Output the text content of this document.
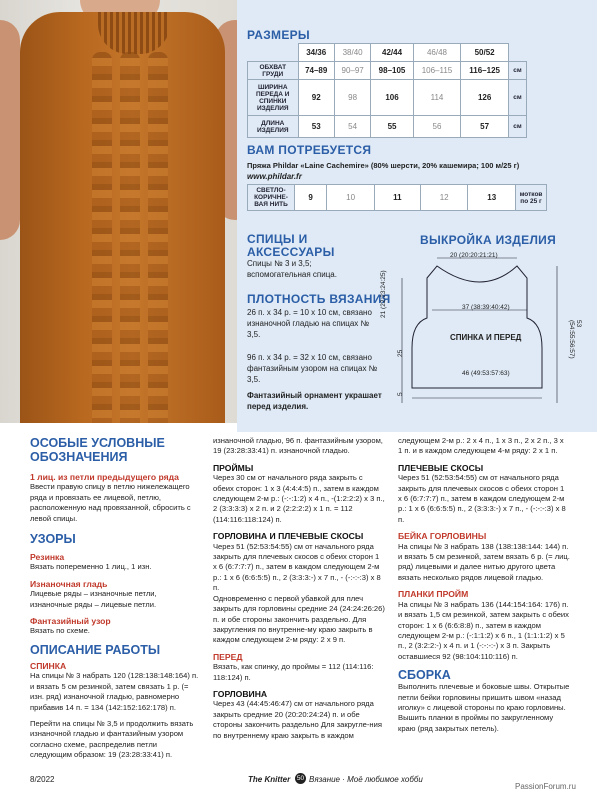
РАЗМЕРЫ
	34/36	38/40	42/44	46/48	50/52	
ОБХВАТ ГРУДИ	74–89	90–97	98–105	106–115	116–125	см
ШИРИНА ПЕРЕДА И СПИНКИ ИЗДЕЛИЯ	92	98	106	114	126	см
ДЛИНА ИЗДЕЛИЯ	53	54	55	56	57	см
ВАМ ПОТРЕБУЕТСЯ
Пряжа Phildar «Laine Cachemire» (80% шерсти, 20% кашемира; 100 м/25 г)
www.phildar.fr
СВЕТЛО-КОРИЧНЕ-ВАЯ НИТЬ	9	10	11	12	13	мотков по 25 г
СПИЦЫ И АКСЕССУАРЫ
Спицы № 3 и 3,5; вспомогательная спица.
ПЛОТНОСТЬ ВЯЗАНИЯ
26 п. х 34 р. = 10 х 10 см, связано изнаночной гладью на спицах № 3,5.
96 п. х 34 р. = 32 х 10 см, связано фантазийным узором на спицах № 3,5.
Фантазийный орнамент украшает перед изделия.
ВЫКРОЙКА ИЗДЕЛИЯ
20 (20:20:21:21)
37 (38:39:40:42)
СПИНКА И ПЕРЕД
46 (49:53:57:63)
21 (22:23:24:25)
25
5
53 (54:55:56:57)
ОСОБЫЕ УСЛОВНЫЕ ОБОЗНАЧЕНИЯ
1 лиц. из петли предыдущего ряда
Ввести правую спицу в петлю нижележащего ряда и провязать ее лицевой, петлю, расположенную над провязанной, сбросить с левой спицы.
УЗОРЫ
Резинка
Вязать попеременно 1 лиц., 1 изн.
Изнаночная гладь
Лицевые ряды – изнаночные петли, изнаночные ряды – лицевые петли.
Фантазийный узор
Вязать по схеме.
ОПИСАНИЕ РАБОТЫ
СПИНКА
На спицы № 3 набрать 120 (128:138:148:164) п. и вязать 5 см резинкой, затем связать 1 р. (= изн. ряд) изнаночной гладью, равномерно прибавив 14 п. = 134 (142:152:162:178) п.
Перейти на спицы № 3,5 и продолжить вязать изнаночной гладью и фантазийным узором согласно схеме, распределив петли следующим образом: 19 (23:28:33:41) п.
изнаночной гладью, 96 п. фантазийным узором, 19 (23:28:33:41) п. изнаночной гладью.
ПРОЙМЫ
Через 30 см от начального ряда закрыть с обеих сторон: 1 х 3 (4:4:4:5) п., затем в каждом следующем 2-м р.: (-:-:1:2) х 4 п., -(1:2:2:2) х 3 п., 2 (3:3:3:3) х 2 п. и 2 (2:2:2:2) х 1 п. = 112 (114:116:118:124) п.
ГОРЛОВИНА И ПЛЕЧЕВЫЕ СКОСЫ
Через 51 (52:53:54:55) см от начального ряда закрыть для плечевых скосов с обеих сторон 1 х 6 (6:7:7:7) п., затем в каждом следующем 2-м р.: 1 х 6 (6:6:5:5) п., 2 (3:3:3:-) х 7 п., - (-:-:-:3) х 8 п.
Одновременно с первой убавкой для плеч закрыть для горловины средние 24 (24:24:26:26) п. и обе стороны закончить раздельно. Для закругления по внутренне-му краю закрыть в каждом следующем 2-м ряду: 2 х 9 п.
ПЕРЕД
Вязать, как спинку, до проймы = 112 (114:116: 118:124) п.
ГОРЛОВИНА
Через 43 (44:45:46:47) см от начального ряда закрыть средние 20 (20:20:24:24) п. и обе стороны закончить раздельно Для закругле-ния по внутреннему краю закрыть в каждом
следующем 2-м р.: 2 х 4 п., 1 х 3 п., 2 х 2 п., 3 х 1 п. и в каждом следующем 4-м ряду: 2 х 1 п.
ПЛЕЧЕВЫЕ СКОСЫ
Через 51 (52:53:54:55) см от начального ряда закрыть для плечевых скосов с обеих сторон 1 х 6 (6:7:7:7) п., затем в каждом следующем 2-м р.: 1 х 6 (6:6:5:5) п., 2 (3:3:3:-) х 7 п., - (-:-:-:3) х 8 п.
БЕЙКА ГОРЛОВИНЫ
На спицы № 3 набрать 138 (138:138:144: 144) п. и вязать 5 см резинкой, затем вязать 6 р. (= лиц. ряд) лицевыми и далее нитью другого цвета вязать несколько рядов лицевой гладью.
ПЛАНКИ ПРОЙМ
На спицы № 3 набрать 136 (144:154:164: 176) п. и вязать 1,5 см резинкой, затем закрыть с обеих сторон: 1 х 6 (6:6:8:8) п., затем в каждом следующем 2-м р.: (-:1:1:2) х 6 п., 1 (1:1:1:2) х 5 п., 2 (3:2:2:-) х 4 п. и 1 (-:-:-:-) х 3 п. Закрыть оставшиеся 92 (98:104:110:116) п.
СБОРКА
Выполнить плечевые и боковые швы. Открытые петли бейки горловины пришить швом «назад иголку» с лицевой стороны по краю горловины. Вышить планки в проймы по закругленному краю (ряд закрытых петель).
8/2022	The Knitter 50 Вязание · Моё любимое хобби
PassionForum.ru
